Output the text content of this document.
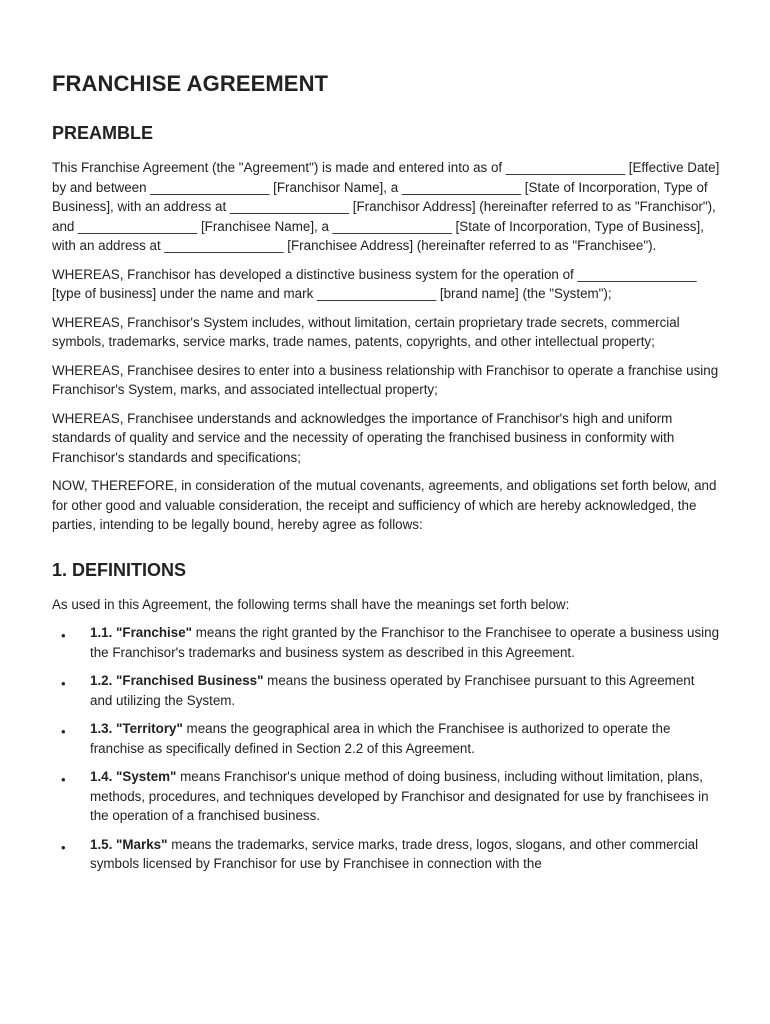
FRANCHISE AGREEMENT
PREAMBLE

This Franchise Agreement (the "Agreement") is made and entered into as of ________________ [Effective Date] by and between ________________ [Franchisor Name], a ________________ [State of Incorporation, Type of Business], with an address at ________________ [Franchisor Address] (hereinafter referred to as "Franchisor"), and ________________ [Franchisee Name], a ________________ [State of Incorporation, Type of Business], with an address at ________________ [Franchisee Address] (hereinafter referred to as "Franchisee").

WHEREAS, Franchisor has developed a distinctive business system for the operation of ________________ [type of business] under the name and mark ________________ [brand name] (the "System");

WHEREAS, Franchisor's System includes, without limitation, certain proprietary trade secrets, commercial symbols, trademarks, service marks, trade names, patents, copyrights, and other intellectual property;

WHEREAS, Franchisee desires to enter into a business relationship with Franchisor to operate a franchise using Franchisor's System, marks, and associated intellectual property;

WHEREAS, Franchisee understands and acknowledges the importance of Franchisor's high and uniform standards of quality and service and the necessity of operating the franchised business in conformity with Franchisor's standards and specifications;

NOW, THEREFORE, in consideration of the mutual covenants, agreements, and obligations set forth below, and for other good and valuable consideration, the receipt and sufficiency of which are hereby acknowledged, the parties, intending to be legally bound, hereby agree as follows:

1. DEFINITIONS

As used in this Agreement, the following terms shall have the meanings set forth below:

• 1.1. "Franchise" means the right granted by the Franchisor to the Franchisee to operate a business using the Franchisor's trademarks and business system as described in this Agreement.
• 1.2. "Franchised Business" means the business operated by Franchisee pursuant to this Agreement and utilizing the System.
• 1.3. "Territory" means the geographical area in which the Franchisee is authorized to operate the franchise as specifically defined in Section 2.2 of this Agreement.
• 1.4. "System" means Franchisor's unique method of doing business, including without limitation, plans, methods, procedures, and techniques developed by Franchisor and designated for use by franchisees in the operation of a franchised business.
• 1.5. "Marks" means the trademarks, service marks, trade dress, logos, slogans, and other commercial symbols licensed by Franchisor for use by Franchisee in connection with the
